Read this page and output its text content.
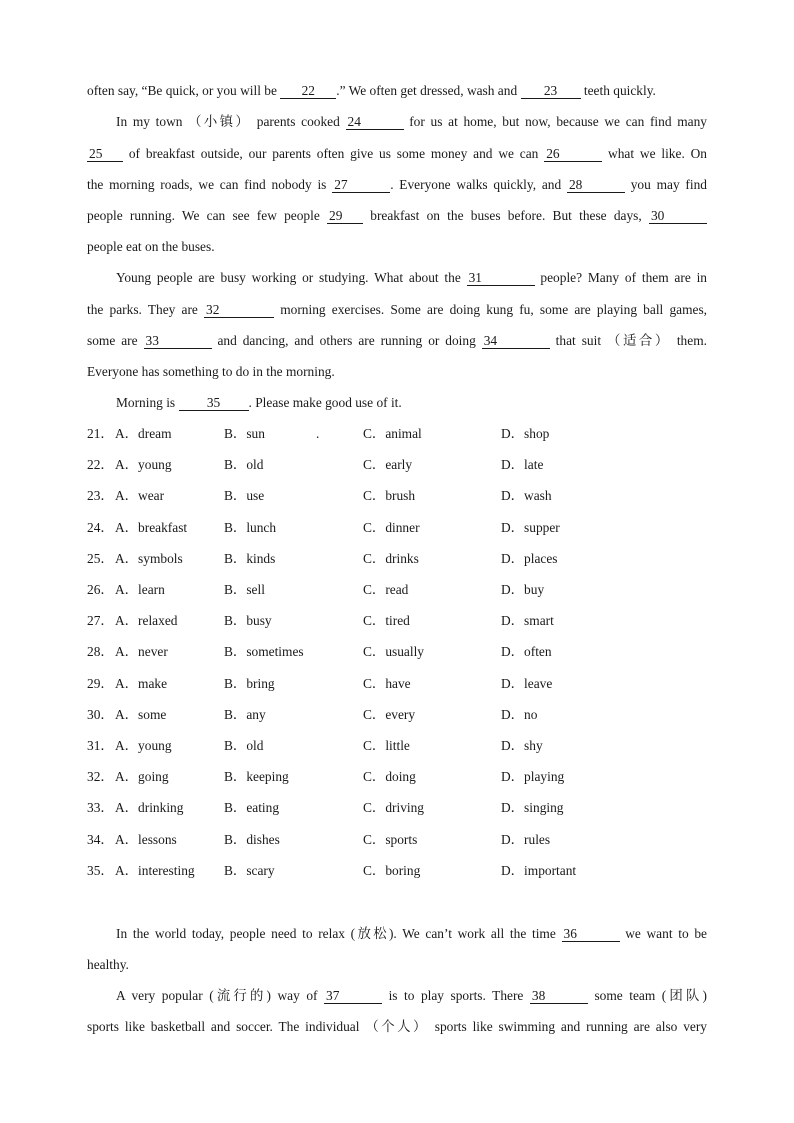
often say, “Be quick, or you will be 22 .” We often get dressed, wash and 23 teeth quickly.
In my town （小镇） parents cooked 24	for us at home, but now, because we can find many
25 of breakfast outside, our parents often give us some money and we can 26	what we like. On
the morning roads, we can find nobody is 27	. Everyone walks quickly, and 28	you may find
people running. We can see few people 29 breakfast on the buses before. But these days, 30
people eat on the buses.
Young people are busy working or studying. What about the 31	people? Many of them are in
the parks. They are 32	morning exercises. Some are doing kung fu, some are playing ball games,
some are 33	and dancing, and others are running or doing 34	that suit （适合） them.
Everyone has something to do in the morning.
Morning is 35 . Please make good use of it.
21． A．dream	B．sun	C．animal	D．shop
.
22． A．young	B．old	C．early	D．late
23． A．wear	B．use	C．brush	D．wash
24． A．breakfast	B．lunch	C．dinner	D．supper
25． A．symbols	B．kinds	C．drinks	D．places
26． A．learn	B．sell	C．read	D．buy
27． A．relaxed	B．busy	C．tired	D．smart
28． A．never	B．sometimes	C．usually	D．often
29． A．make	B．bring	C．have	D．leave
30． A．some	B．any	C．every	D．no
31． A．young	B．old	C．little	D．shy
32． A．going	B．keeping	C．doing	D．playing
33． A．drinking	B．eating	C．driving	D．singing
34． A．lessons	B．dishes	C．sports	D．rules
35． A．interesting B．scary	C．boring	D．important
In the world today, people need to relax (放松). We can’t work all the time 36	we want to be
healthy.
A very popular (流行的) way of 37	is to play sports. There 38	some team (团队)
sports like basketball and soccer. The individual （个人） sports like swimming and running are also very
